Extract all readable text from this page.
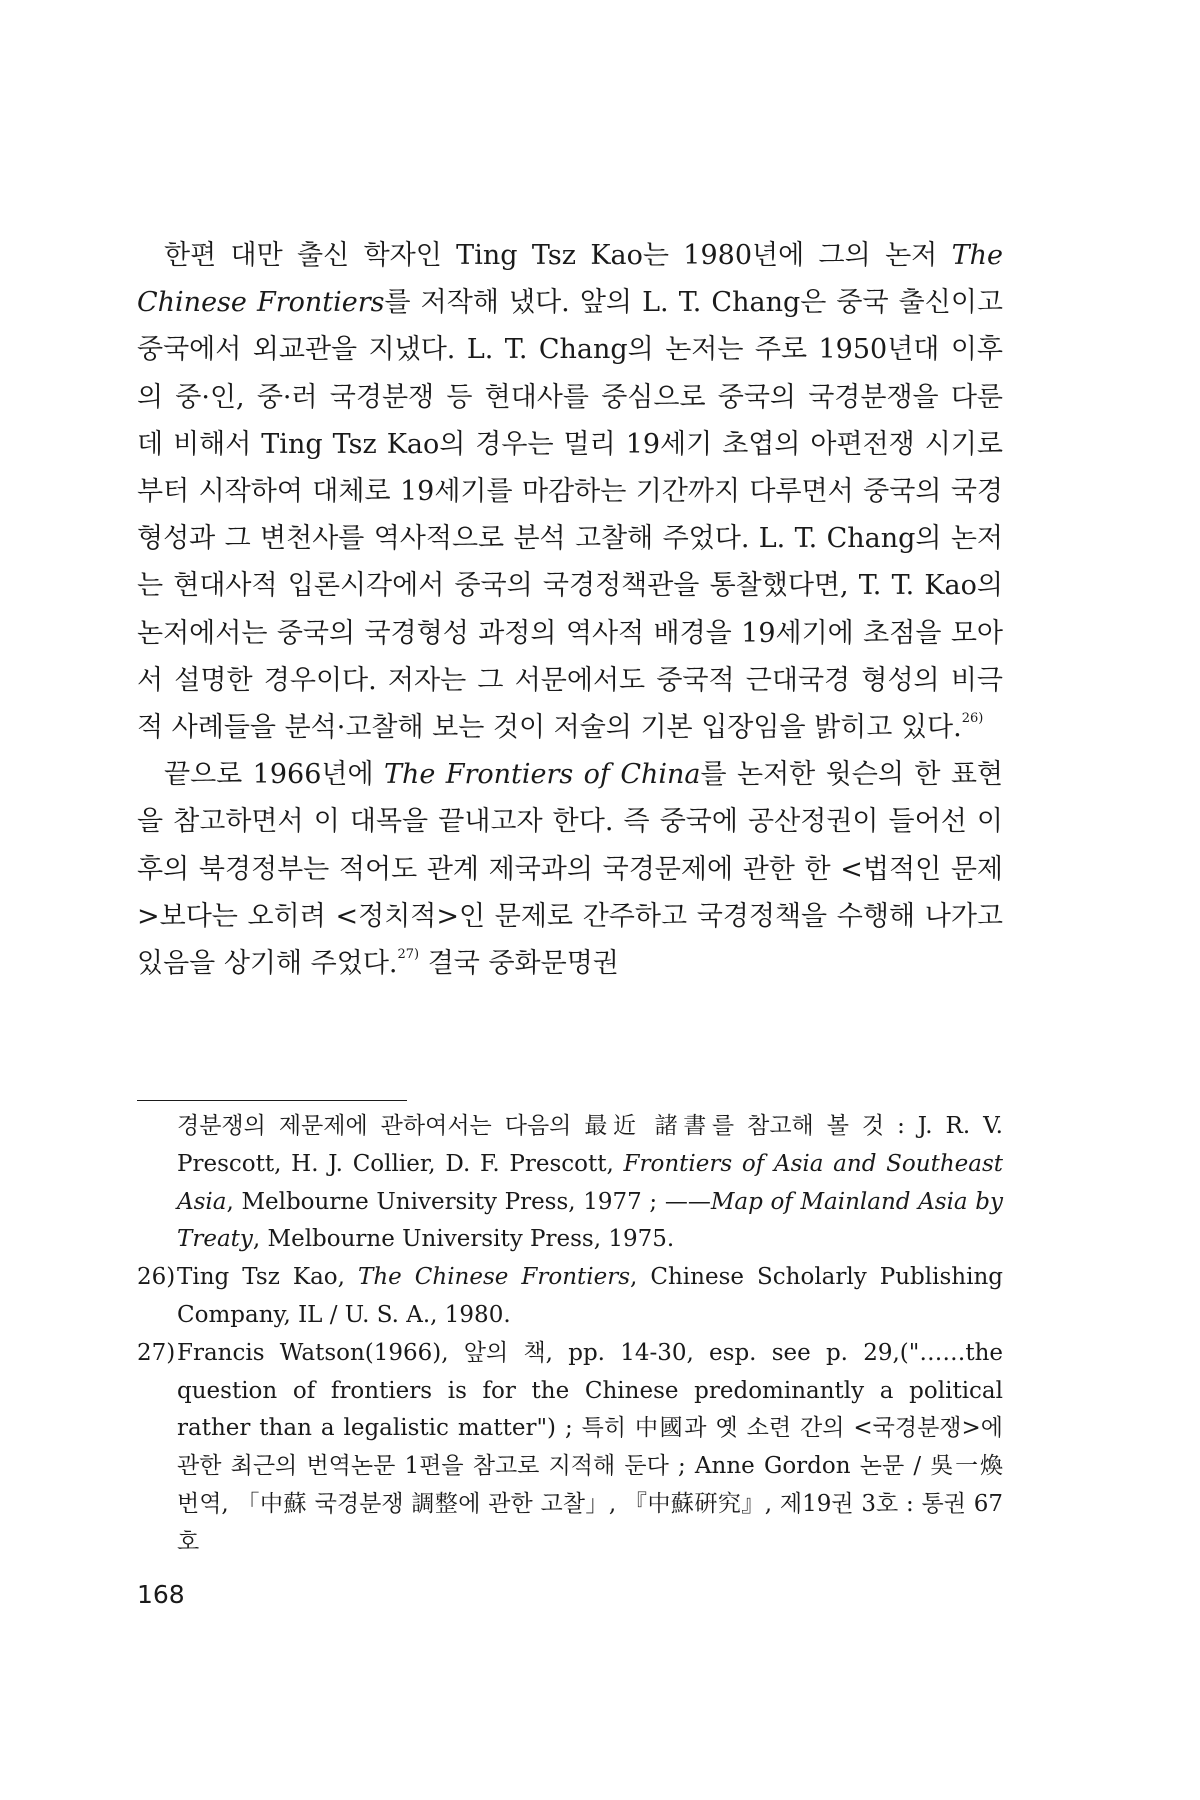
한편 대만 출신 학자인 Ting Tsz Kao는 1980년에 그의 논저 The Chinese Frontiers를 저작해 냈다. 앞의 L. T. Chang은 중국 출신이고 중국에서 외교관을 지냈다. L. T. Chang의 논저는 주로 1950년대 이후의 중·인, 중·러 국경분쟁 등 현대사를 중심으로 중국의 국경분쟁을 다룬 데 비해서 Ting Tsz Kao의 경우는 멀리 19세기 초엽의 아편전쟁 시기로부터 시작하여 대체로 19세기를 마감하는 기간까지 다루면서 중국의 국경형성과 그 변천사를 역사적으로 분석 고찰해 주었다. L. T. Chang의 논저는 현대사적 입론시각에서 중국의 국경정책관을 통찰했다면, T. T. Kao의 논저에서는 중국의 국경형성 과정의 역사적 배경을 19세기에 초점을 모아서 설명한 경우이다. 저자는 그 서문에서도 중국적 근대국경 형성의 비극적 사례들을 분석·고찰해 보는 것이 저술의 기본 입장임을 밝히고 있다.$^{26)}$

끝으로 1966년에 The Frontiers of China를 논저한 윗슨의 한 표현을 참고하면서 이 대목을 끝내고자 한다. 즉 중국에 공산정권이 들어선 이후의 북경정부는 적어도 관계 제국과의 국경문제에 관한 한 <법적인 문제>보다는 오히려 <정치적>인 문제로 간주하고 국경정책을 수행해 나가고 있음을 상기해 주었다.$^{27)}$ 결국 중화문명권

경분쟁의 제문제에 관하여서는 다음의 最近 諸書를 참고해 볼 것 : J. R. V. Prescott, H. J. Collier, D. F. Prescott, Frontiers of Asia and Southeast Asia, Melbourne University Press, 1977 ; ——Map of Mainland Asia by Treaty, Melbourne University Press, 1975.

26) Ting Tsz Kao, The Chinese Frontiers, Chinese Scholarly Publishing Company, IL / U. S. A., 1980.
27) Francis Watson(1966), 앞의 책, pp. 14-30, esp. see p. 29,("……the question of frontiers is for the Chinese predominantly a political rather than a legalistic matter") ; 특히 中國과 옛 소련 간의 <국경분쟁>에 관한 최근의 번역논문 1편을 참고로 지적해 둔다 ; Anne Gordon 논문 / 吳一煥 번역, 「中蘇 국경분쟁 調整에 관한 고찰」, 『中蘇硏究』, 제19권 3호 : 통권 67호
168
